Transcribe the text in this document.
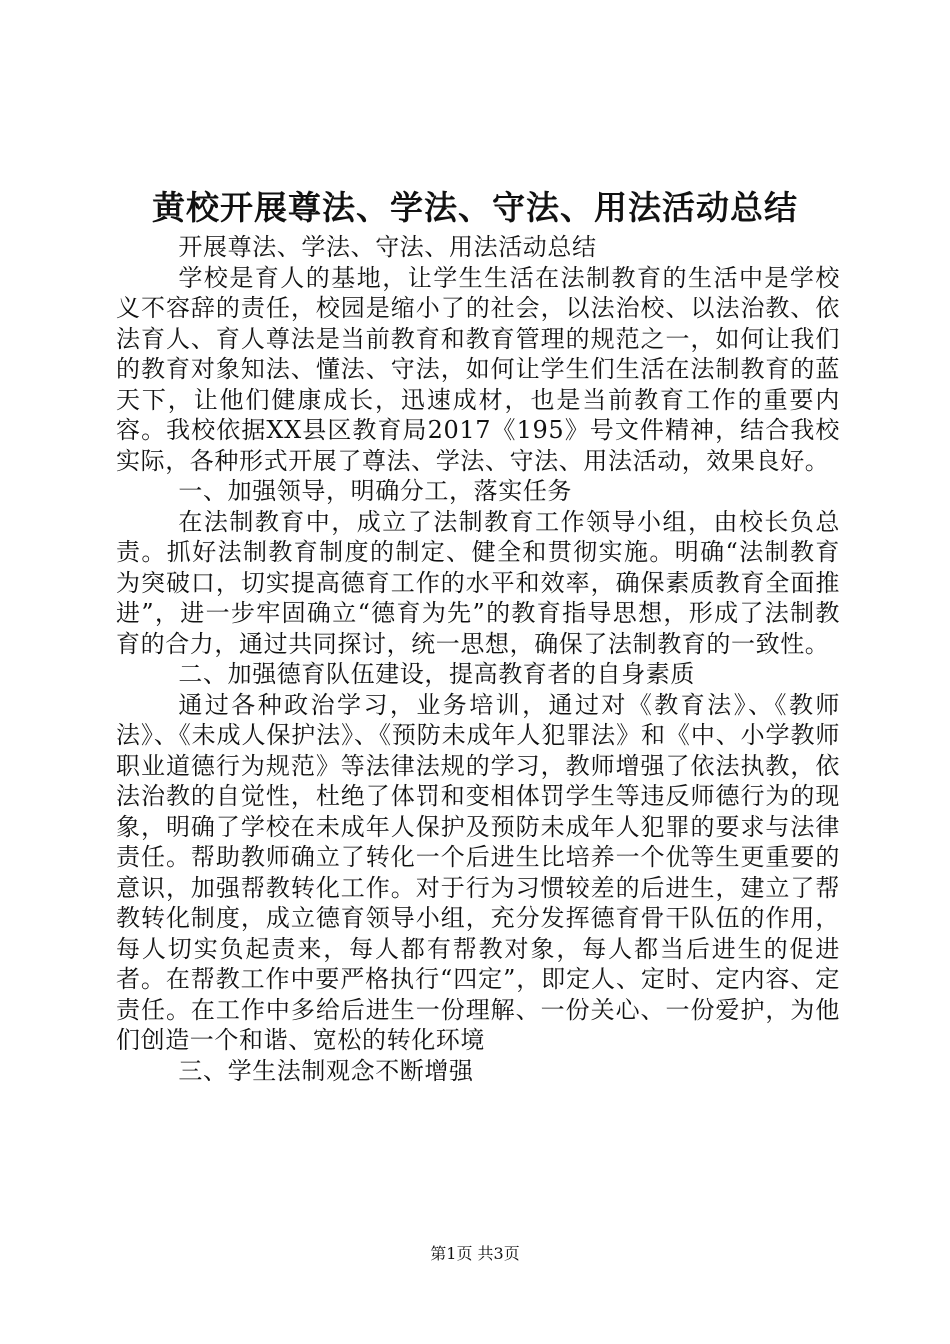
黄校开展尊法、学法、守法、用法活动总结

开展尊法、学法、守法、用法活动总结

学校是育人的基地，让学生生活在法制教育的生活中是学校义不容辞的责任，校园是缩小了的社会，以法治校、以法治教、依法育人、育人尊法是当前教育和教育管理的规范之一，如何让我们的教育对象知法、懂法、守法，如何让学生们生活在法制教育的蓝天下，让他们健康成长，迅速成材，也是当前教育工作的重要内容。我校依据XX县区教育局2017《195》号文件精神，结合我校实际，各种形式开展了尊法、学法、守法、用法活动，效果良好。

一、加强领导，明确分工，落实任务

在法制教育中，成立了法制教育工作领导小组，由校长负总责。抓好法制教育制度的制定、健全和贯彻实施。明确“法制教育为突破口，切实提高德育工作的水平和效率，确保素质教育全面推进”，进一步牢固确立“德育为先”的教育指导思想，形成了法制教育的合力，通过共同探讨，统一思想，确保了法制教育的一致性。

二、加强德育队伍建设，提高教育者的自身素质

通过各种政治学习，业务培训，通过对《教育法》、《教师法》、《未成人保护法》、《预防未成年人犯罪法》和《中、小学教师职业道德行为规范》等法律法规的学习，教师增强了依法执教，依法治教的自觉性，杜绝了体罚和变相体罚学生等违反师德行为的现象，明确了学校在未成年人保护及预防未成年人犯罪的要求与法律责任。帮助教师确立了转化一个后进生比培养一个优等生更重要的意识，加强帮教转化工作。对于行为习惯较差的后进生，建立了帮教转化制度，成立德育领导小组，充分发挥德育骨干队伍的作用，每人切实负起责来，每人都有帮教对象，每人都当后进生的促进者。在帮教工作中要严格执行“四定”，即定人、定时、定内容、定责任。在工作中多给后进生一份理解、一份关心、一份爱护，为他们创造一个和谐、宽松的转化环境

三、学生法制观念不断增强

第1页 共3页
